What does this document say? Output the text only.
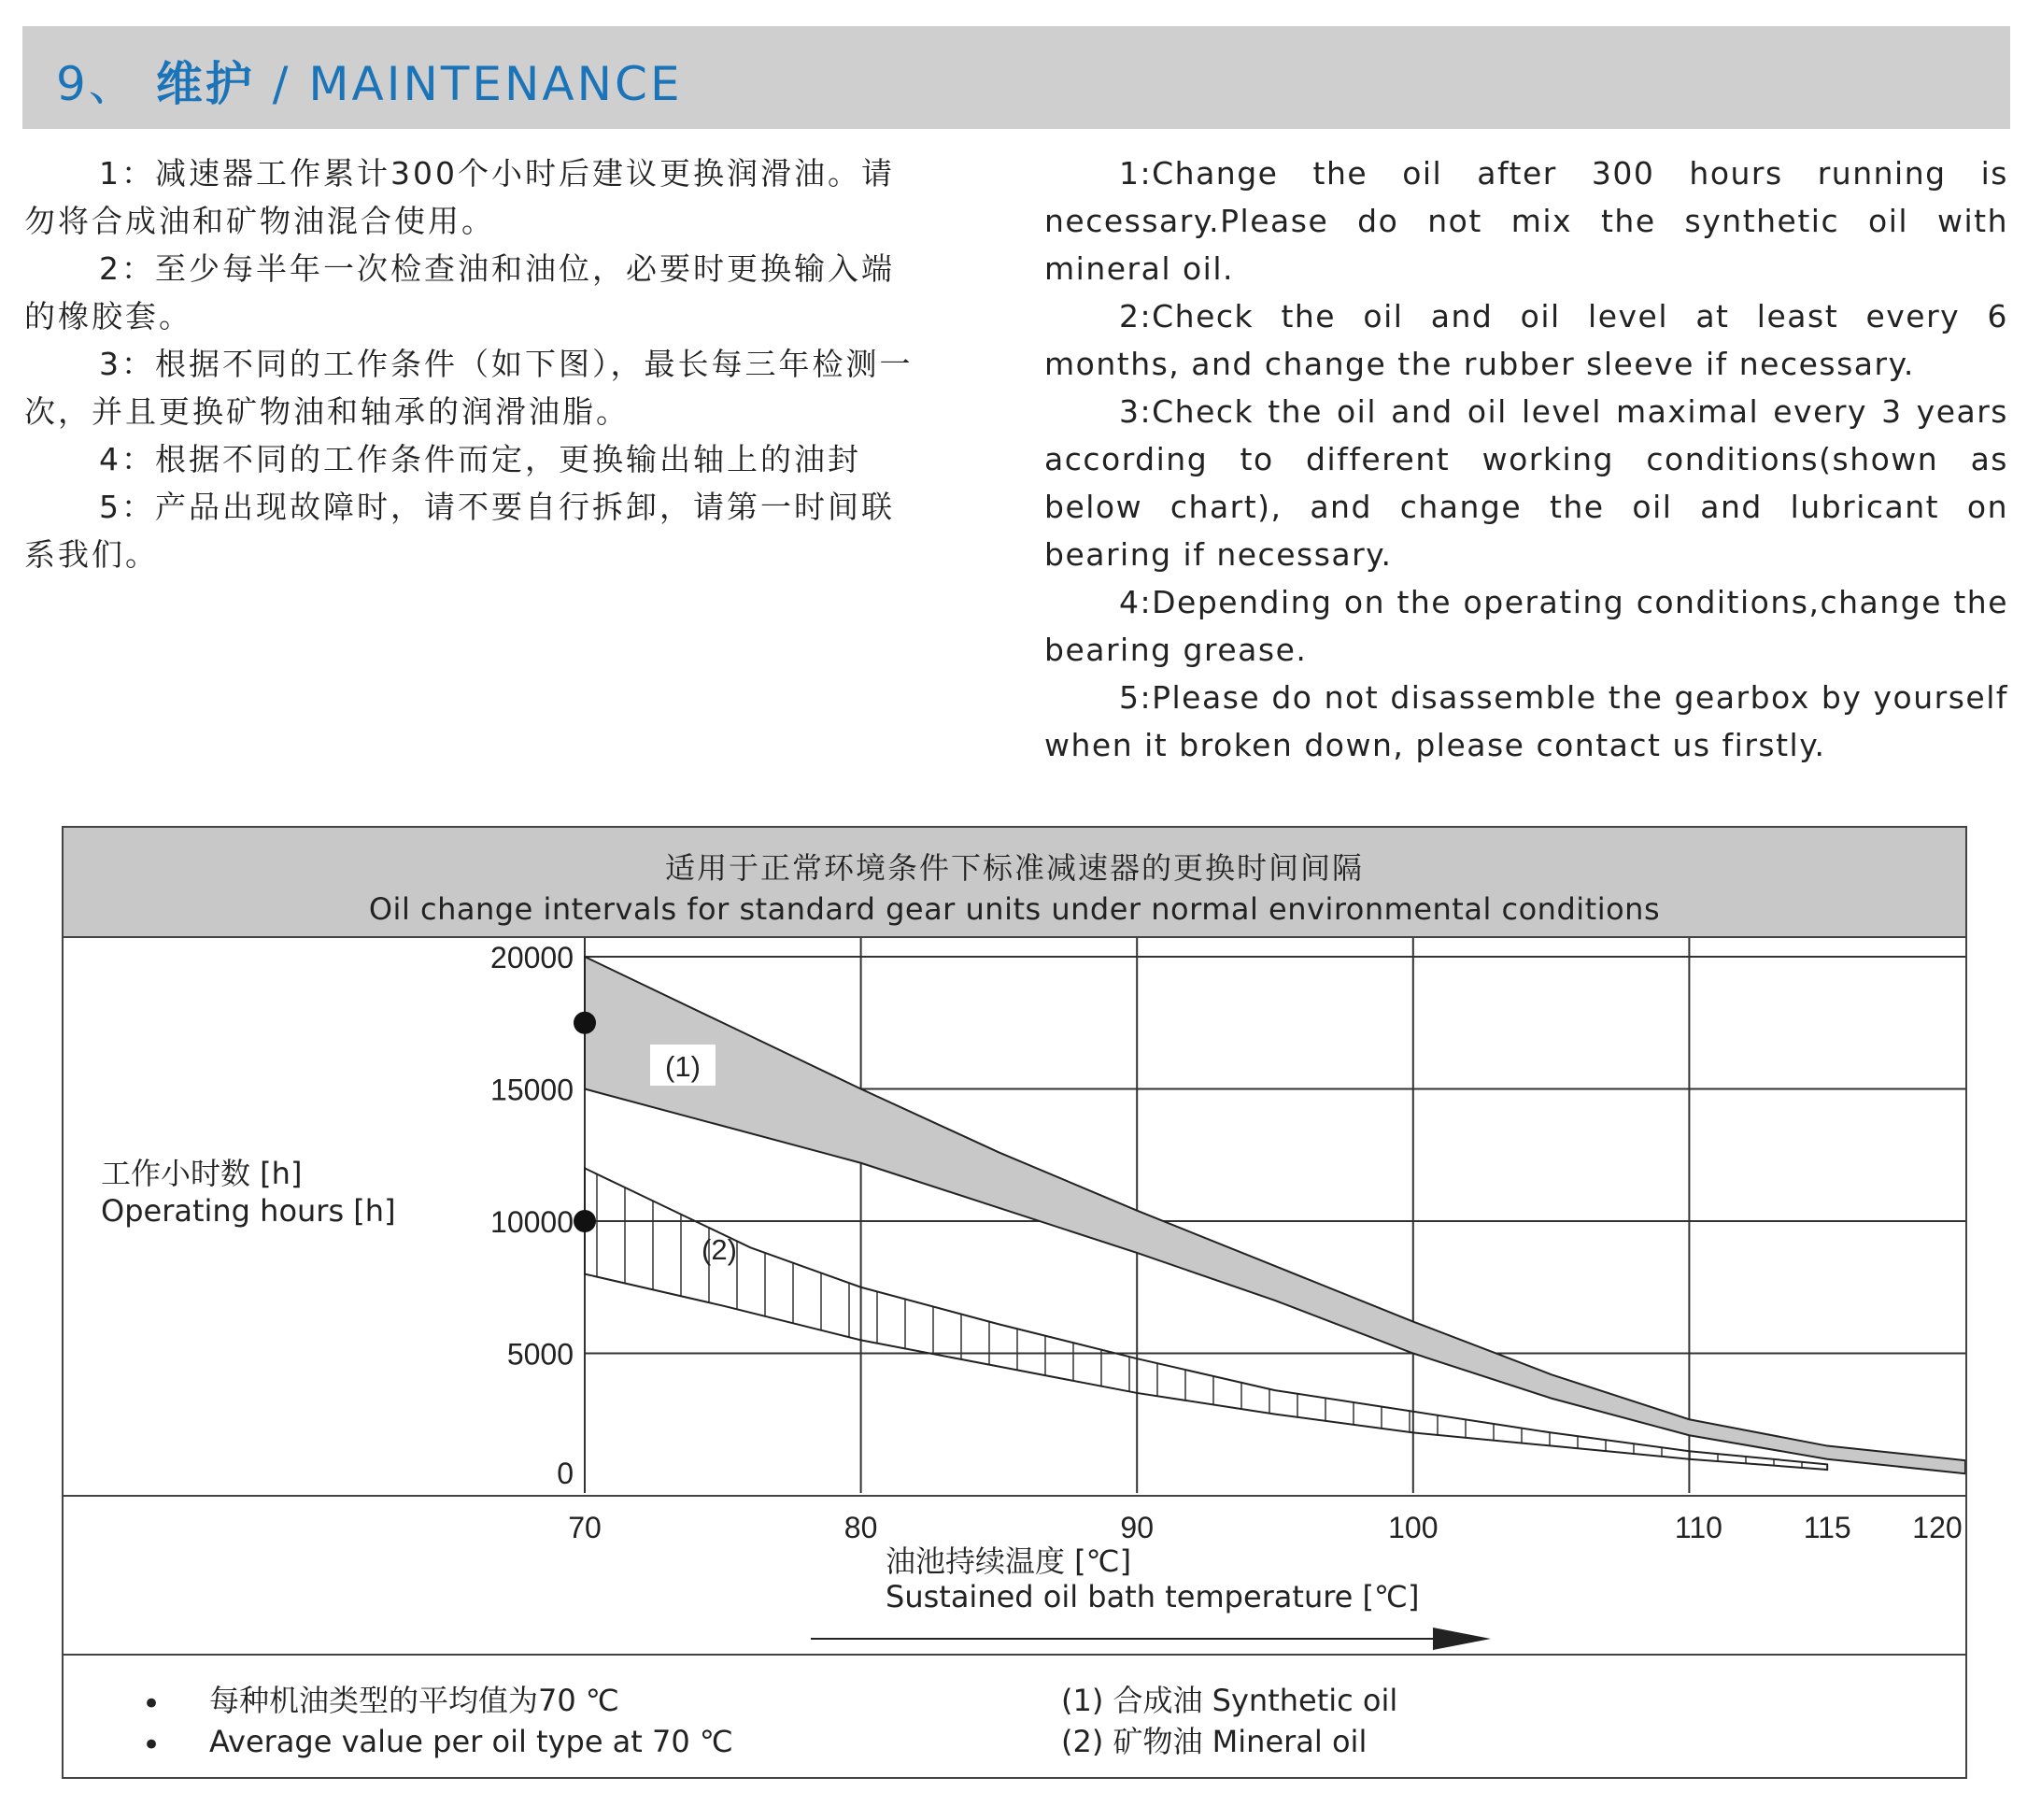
9、 维护 / MAINTENANCE

1：减速器工作累计300个小时后建议更换润滑油。请勿将合成油和矿物油混合使用。

2：至少每半年一次检查油和油位，必要时更换输入端的橡胶套。

3：根据不同的工作条件（如下图），最长每三年检测一次，并且更换矿物油和轴承的润滑油脂。

4：根据不同的工作条件而定，更换输出轴上的油封

5：产品出现故障时，请不要自行拆卸，请第一时间联系我们。

1:Change the oil after 300 hours running is necessary.Please do not mix the synthetic oil with mineral oil.

2:Check the oil and oil level at least every 6 months, and change the rubber sleeve if necessary.

3:Check the oil and oil level maximal every 3 years according to different working conditions(shown as below chart), and change the oil and lubricant on bearing if necessary.

4:Depending on the operating conditions,change the bearing grease.

5:Please do not disassemble the gearbox by yourself when it broken down, please contact us firstly.

适用于正常环境条件下标准减速器的更换时间间隔
Oil change intervals for standard gear units under normal environmental conditions
工作小时数 [h]
Operating hours [h]
0
5000
10000
15000
20000
70	80	90	100	110	115 120
(1)
(2)
油池持续温度 [℃]
Sustained oil bath temperature [℃]
•
•
每种机油类型的平均值为70 ℃
Average value per oil type at 70 ℃
(1) 合成油 Synthetic oil
(2) 矿物油 Mineral oil
